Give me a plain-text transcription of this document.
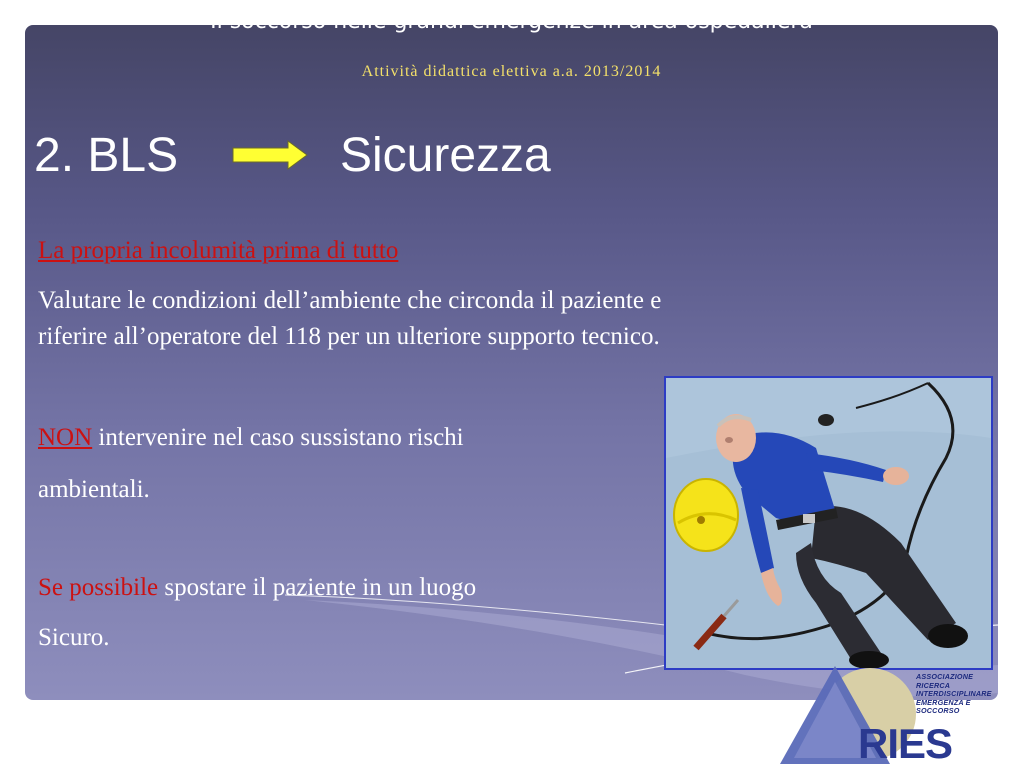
Il soccorso nelle grandi emergenze in area ospedaliera
Attività didattica elettiva a.a. 2013/2014
2. BLS	Sicurezza
La propria incolumità prima di tutto
Valutare le condizioni dell’ambiente che circonda il paziente e
riferire all’operatore del 118 per un ulteriore supporto tecnico.
NON intervenire nel caso sussistano rischi
ambientali.
Se possibile spostare il paziente in un luogo
Sicuro.
ASSOCIAZIONE
RICERCA
INTERDISCIPLINARE
EMERGENZA E
SOCCORSO
RIES
